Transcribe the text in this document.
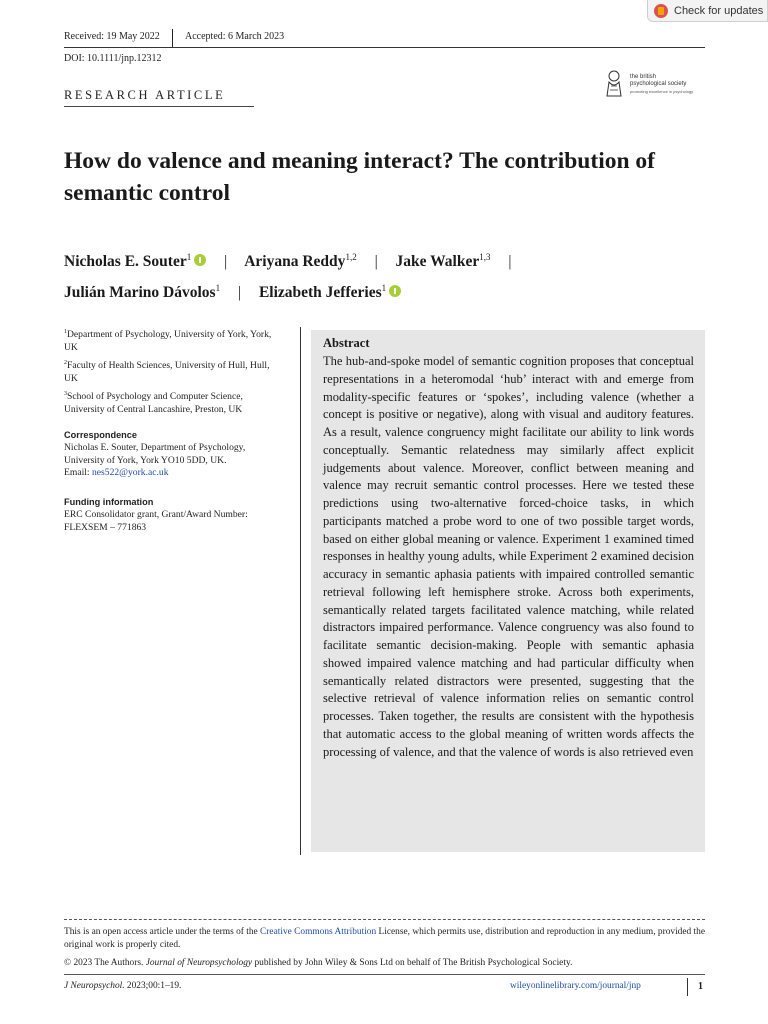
Check for updates
Received: 19 May 2022	Accepted: 6 March 2023
DOI: 10.1111/jnp.12312
RESEARCH ARTICLE
the british
psychological society
promoting excellence in psychology
How do valence and meaning interact? The contribution of semantic control
Nicholas E. Souter$^1$ | Ariyana Reddy$^{1,2}$ | Jake Walker$^{1,3}$ |
Julián Marino Dávolos$^1$ | Elizabeth Jefferies$^1$
$^1$Department of Psychology, University of York, York, UK
$^2$Faculty of Health Sciences, University of Hull, Hull, UK
$^3$School of Psychology and Computer Science, University of Central Lancashire, Preston, UK
Correspondence
Nicholas E. Souter, Department of Psychology, University of York, York YO10 5DD, UK.
Email: nes522@york.ac.uk
Funding information
ERC Consolidator grant, Grant/Award Number: FLEXSEM – 771863
Abstract
The hub-and-spoke model of semantic cognition proposes that conceptual representations in a heteromodal ‘hub’ interact with and emerge from modality-specific features or ‘spokes’, including valence (whether a concept is positive or negative), along with visual and auditory features. As a result, valence congruency might facilitate our ability to link words conceptually. Semantic relatedness may similarly affect explicit judgements about valence. Moreover, conflict between meaning and valence may recruit semantic control processes. Here we tested these predictions using two-alternative forced-choice tasks, in which participants matched a probe word to one of two possible target words, based on either global meaning or valence. Experiment 1 examined timed responses in healthy young adults, while Experiment 2 examined decision accuracy in semantic aphasia patients with impaired controlled semantic retrieval following left hemisphere stroke. Across both experiments, semantically related targets facilitated valence matching, while related distractors impaired performance. Valence congruency was also found to facilitate semantic decision-making. People with semantic aphasia showed impaired valence matching and had particular difficulty when semantically related distractors were presented, suggesting that the selective retrieval of valence information relies on semantic control processes. Taken together, the results are consistent with the hypothesis that automatic access to the global meaning of written words affects the processing of valence, and that the valence of words is also retrieved even
This is an open access article under the terms of the Creative Commons Attribution License, which permits use, distribution and reproduction in any medium, provided the original work is properly cited.
© 2023 The Authors. Journal of Neuropsychology published by John Wiley & Sons Ltd on behalf of The British Psychological Society.
J Neuropsychol. 2023;00:1–19.	wileyonlinelibrary.com/journal/jnp	1
